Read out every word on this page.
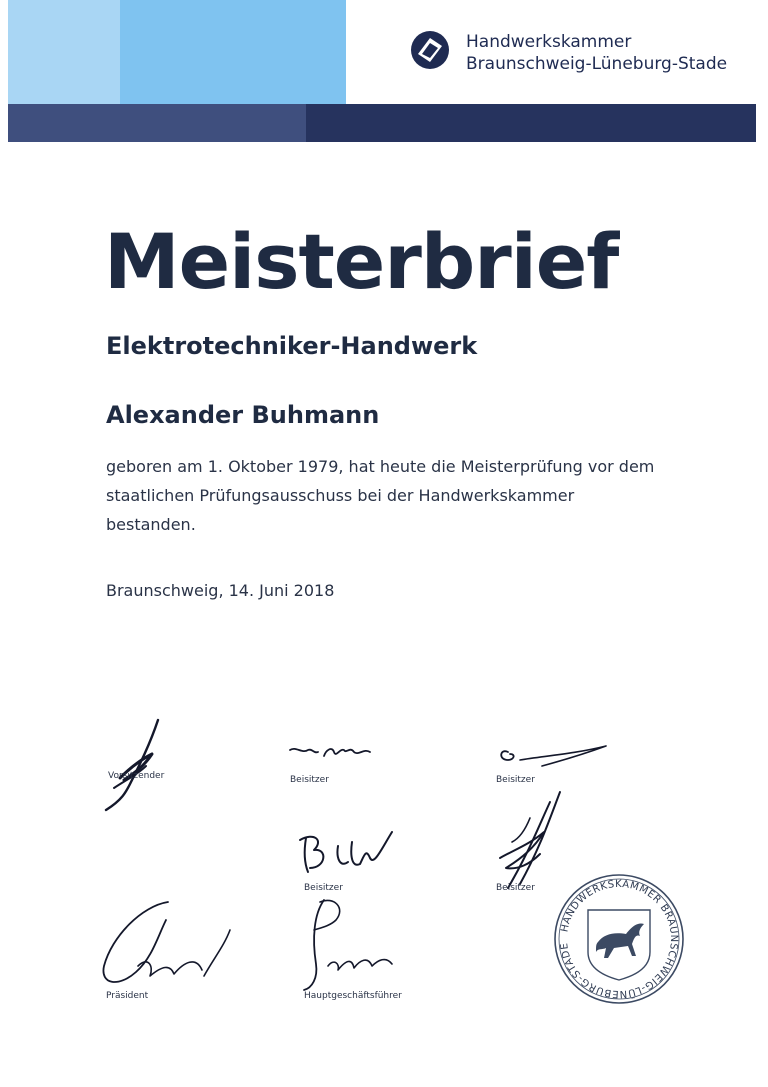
Handwerkskammer
Braunschweig-Lüneburg-Stade
Meisterbrief
Elektrotechniker-Handwerk
Alexander Buhmann
geboren am 1. Oktober 1979, hat heute die Meisterprüfung vor dem
staatlichen Prüfungsausschuss bei der Handwerkskammer
bestanden.
Braunschweig, 14. Juni 2018
Vorsitzender	Beisitzer	Beisitzer
Beisitzer	Beisitzer
Präsident	Hauptgeschäftsführer
HANDWERKSKAMMER BRAUNSCHWEIG-LÜNEBURG-STADE
